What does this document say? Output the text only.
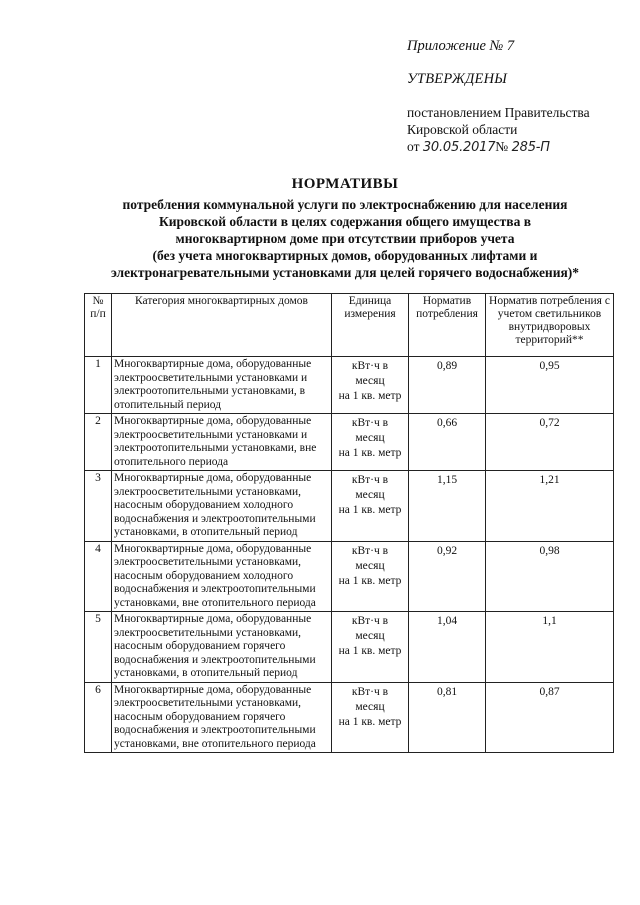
Приложение № 7
УТВЕРЖДЕНЫ
постановлением Правительства
Кировской области
от 30.05.2017№ 285-П
НОРМАТИВЫ
потребления коммунальной услуги по электроснабжению для населения
Кировской области в целях содержания общего имущества в
многоквартирном доме при отсутствии приборов учета
(без учета многоквартирных домов, оборудованных лифтами и
электронагревательными установками для целей горячего водоснабжения)*
№ п/п	Категория многоквартирных домов	Единица измерения	Норматив потребления	Норматив потребления с учетом светильников внутридворовых территорий**
1	Многоквартирные дома, оборудованные электроосветительными установками и электроотопительными установками, в отопительный период	кВт·ч в
месяц
на 1 кв. метр	0,89	0,95
2	Многоквартирные дома, оборудованные электроосветительными установками и электроотопительными установками, вне отопительного периода	кВт·ч в
месяц
на 1 кв. метр	0,66	0,72
3	Многоквартирные дома, оборудованные электроосветительными установками, насосным оборудованием холодного водоснабжения и электроотопительными установками, в отопительный период	кВт·ч в
месяц
на 1 кв. метр	1,15	1,21
4	Многоквартирные дома, оборудованные электроосветительными установками, насосным оборудованием холодного водоснабжения и электроотопительными установками, вне отопительного периода	кВт·ч в
месяц
на 1 кв. метр	0,92	0,98
5	Многоквартирные дома, оборудованные электроосветительными установками, насосным оборудованием горячего водоснабжения и электроотопительными установками, в отопительный период	кВт·ч в
месяц
на 1 кв. метр	1,04	1,1
6	Многоквартирные дома, оборудованные электроосветительными установками, насосным оборудованием горячего водоснабжения и электроотопительными установками, вне отопительного периода	кВт·ч в
месяц
на 1 кв. метр	0,81	0,87
